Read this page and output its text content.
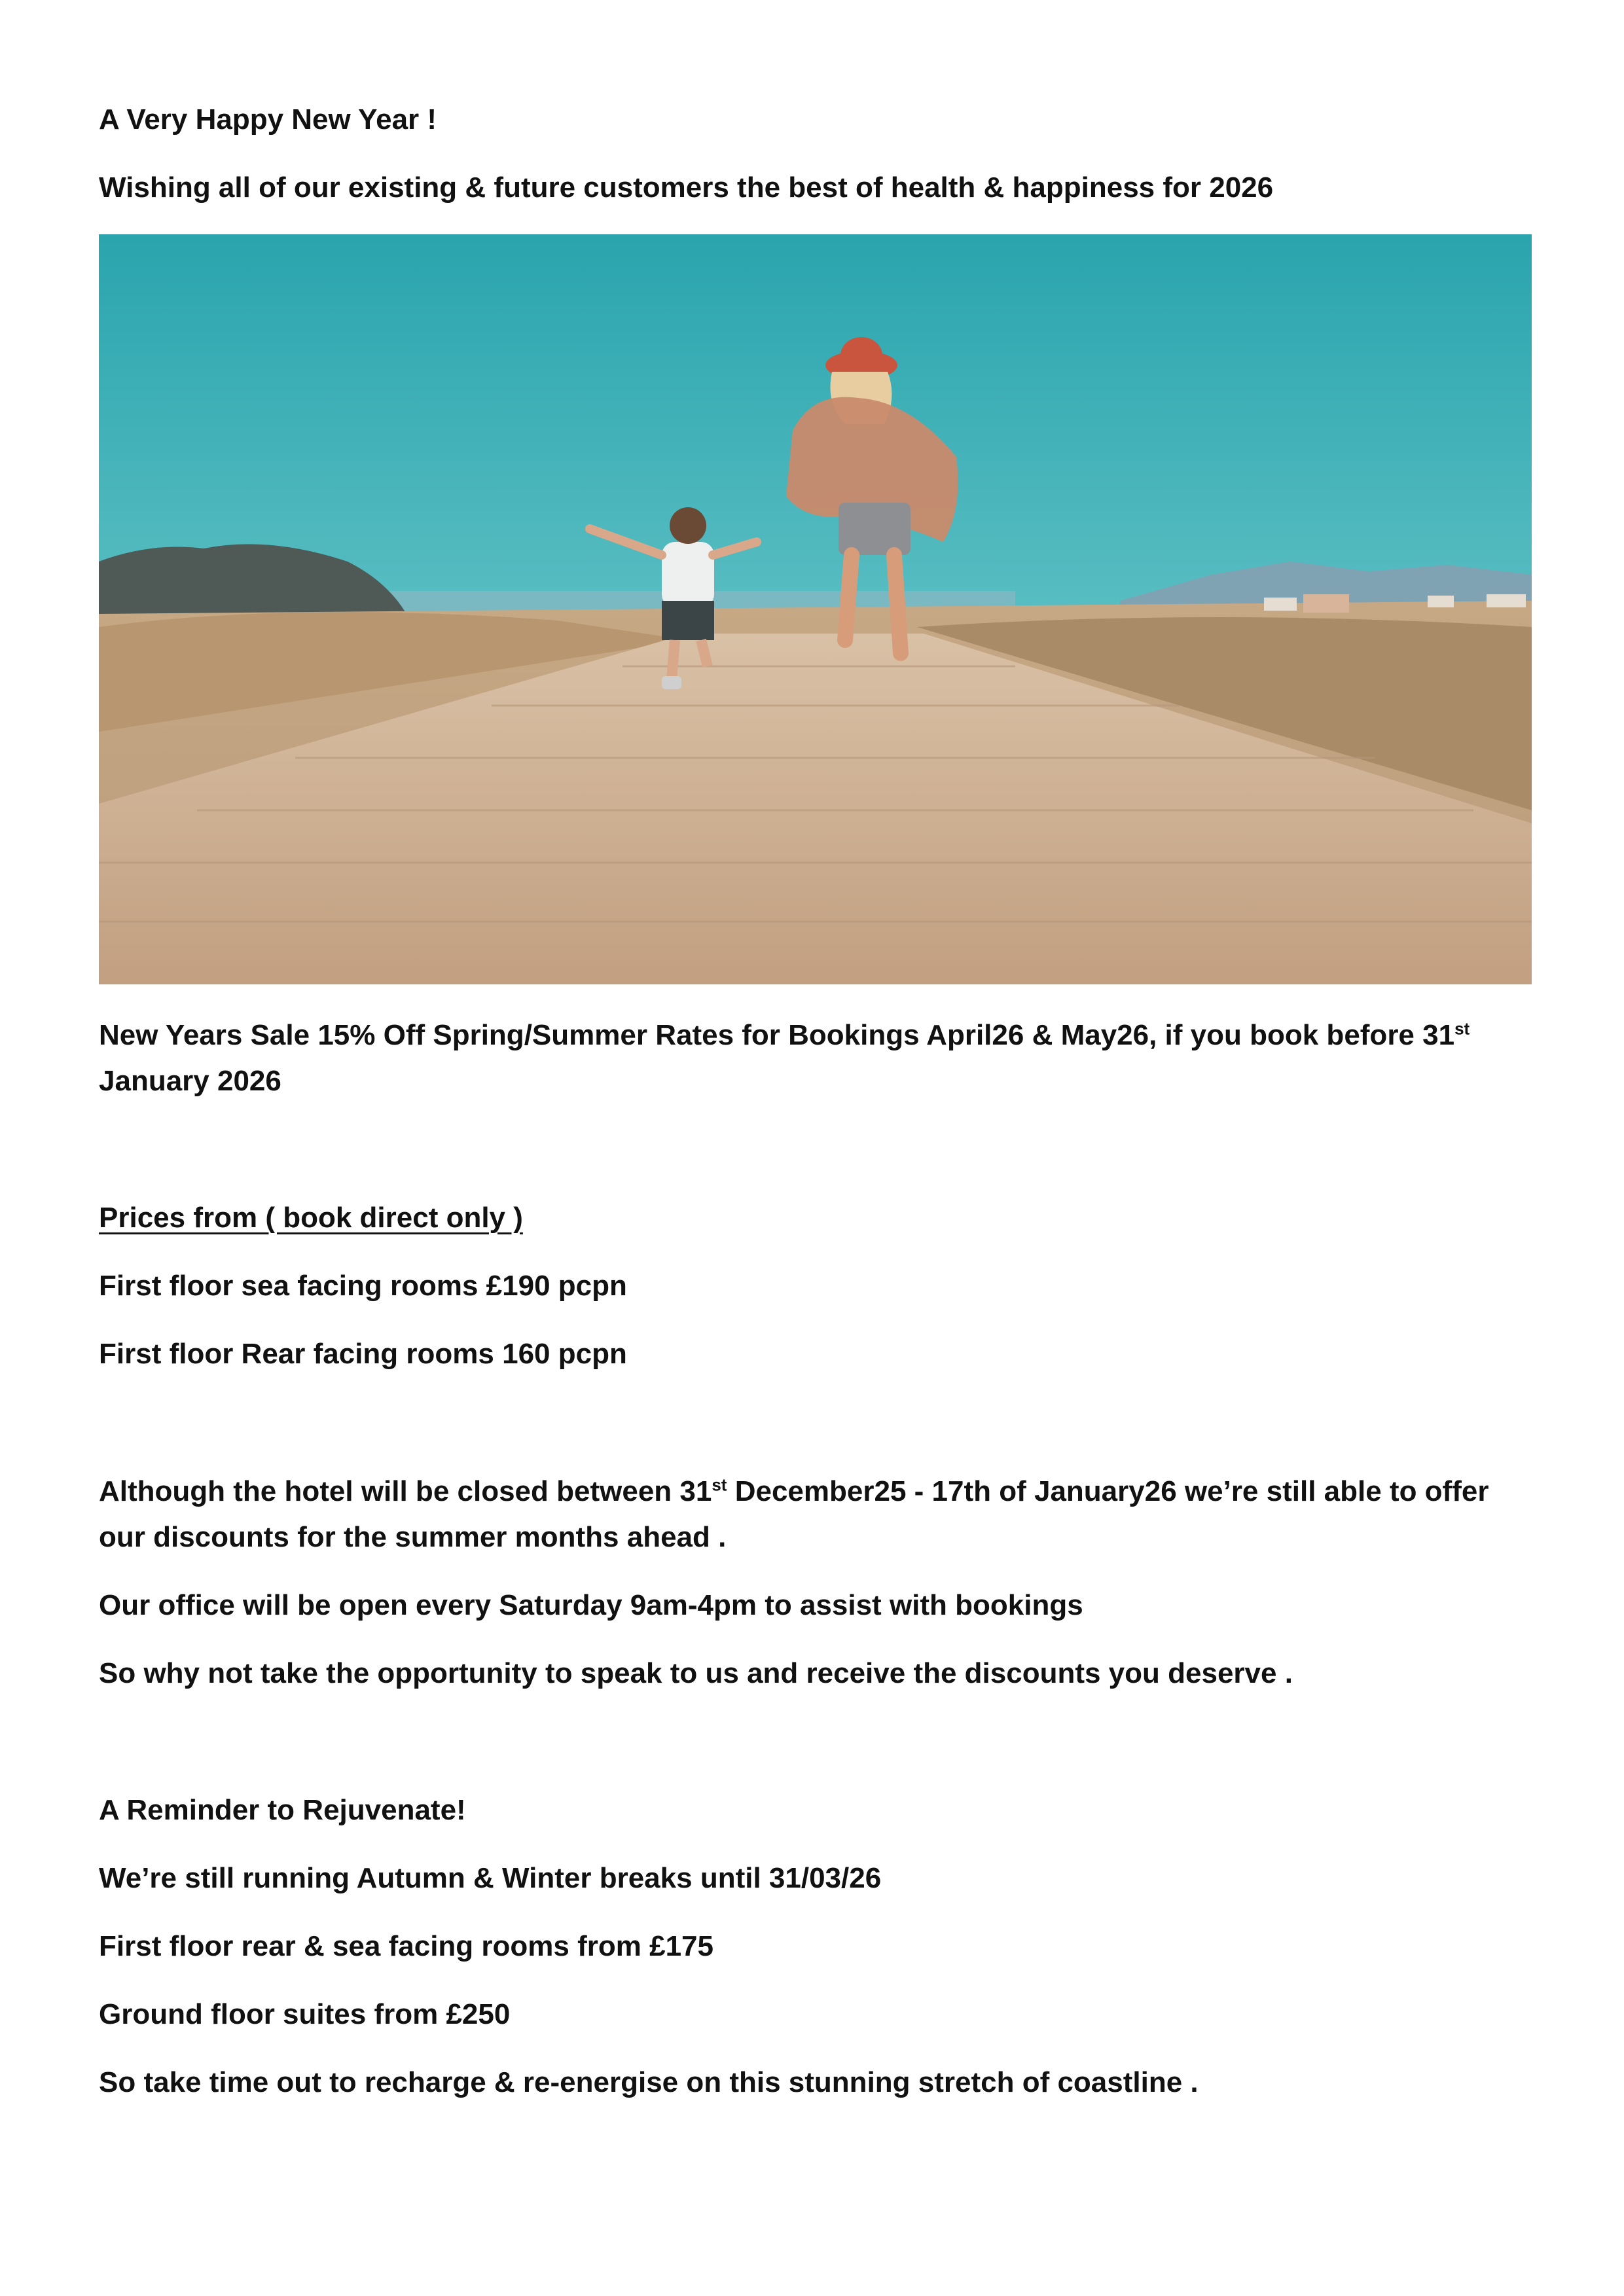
A Very Happy New Year !

Wishing all of our existing & future customers the best of health & happiness for 2026

New Years Sale 15% Off Spring/Summer Rates for Bookings April26 & May26, if you book before 31st

January 2026

Prices from ( book direct only )

First floor sea facing rooms £190 pcpn

First floor Rear facing rooms 160 pcpn

Although the hotel will be closed between 31st December25 - 17th of January26 we’re still able to offer

our discounts for the summer months ahead .

Our office will be open every Saturday 9am-4pm to assist with bookings

So why not take the opportunity to speak to us and receive the discounts you deserve .

A Reminder to Rejuvenate!

We’re still running Autumn & Winter breaks until 31/03/26

First floor rear & sea facing rooms from £175

Ground floor suites from £250

So take time out to recharge & re-energise on this stunning stretch of coastline .
